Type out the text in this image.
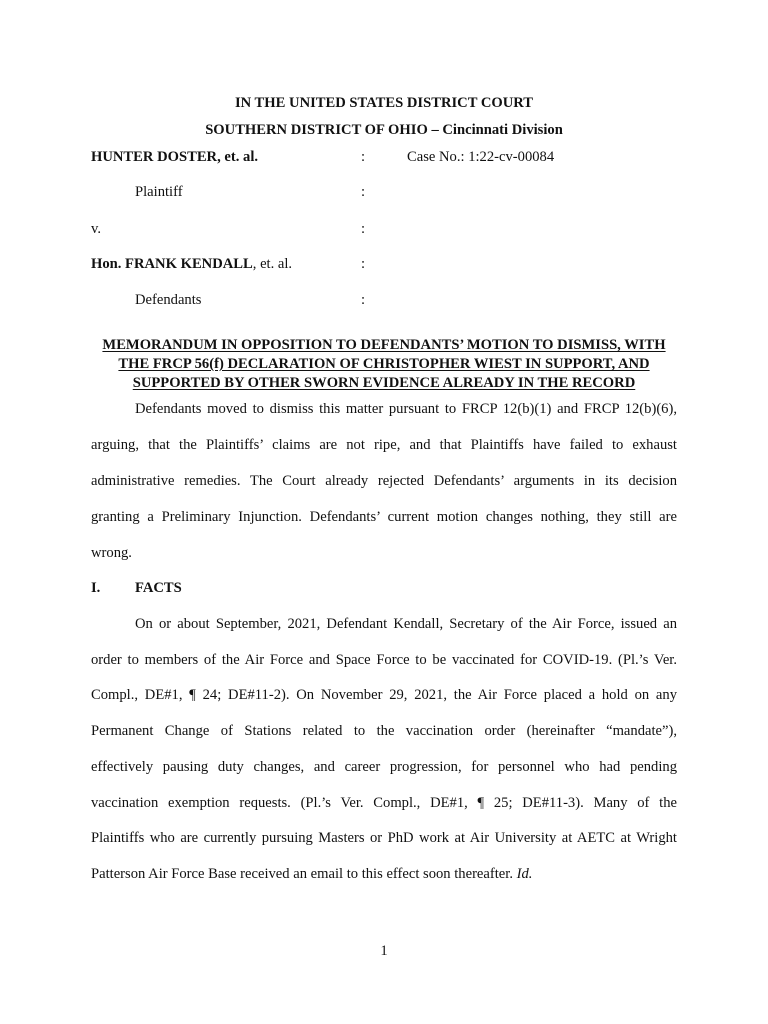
IN THE UNITED STATES DISTRICT COURT
SOUTHERN DISTRICT OF OHIO – Cincinnati Division
HUNTER DOSTER, et. al.	:	Case No.: 1:22-cv-00084
Plaintiff	:
v.	:
Hon. FRANK KENDALL, et. al.	:
Defendants	:
MEMORANDUM IN OPPOSITION TO DEFENDANTS’ MOTION TO DISMISS, WITH
THE FRCP 56(f) DECLARATION OF CHRISTOPHER WIEST IN SUPPORT, AND
SUPPORTED BY OTHER SWORN EVIDENCE ALREADY IN THE RECORD
Defendants moved to dismiss this matter pursuant to FRCP 12(b)(1) and FRCP 12(b)(6),
arguing, that the Plaintiffs’ claims are not ripe, and that Plaintiffs have failed to exhaust
administrative remedies. The Court already rejected Defendants’ arguments in its decision
granting a Preliminary Injunction. Defendants’ current motion changes nothing, they still are
wrong.
I. FACTS
On or about September, 2021, Defendant Kendall, Secretary of the Air Force, issued an
order to members of the Air Force and Space Force to be vaccinated for COVID-19. (Pl.’s Ver.
Compl., DE#1, ¶ 24; DE#11-2). On November 29, 2021, the Air Force placed a hold on any
Permanent Change of Stations related to the vaccination order (hereinafter “mandate”),
effectively pausing duty changes, and career progression, for personnel who had pending
vaccination exemption requests. (Pl.’s Ver. Compl., DE#1, ¶ 25; DE#11-3). Many of the
Plaintiffs who are currently pursuing Masters or PhD work at Air University at AETC at Wright
Patterson Air Force Base received an email to this effect soon thereafter. Id.
1
